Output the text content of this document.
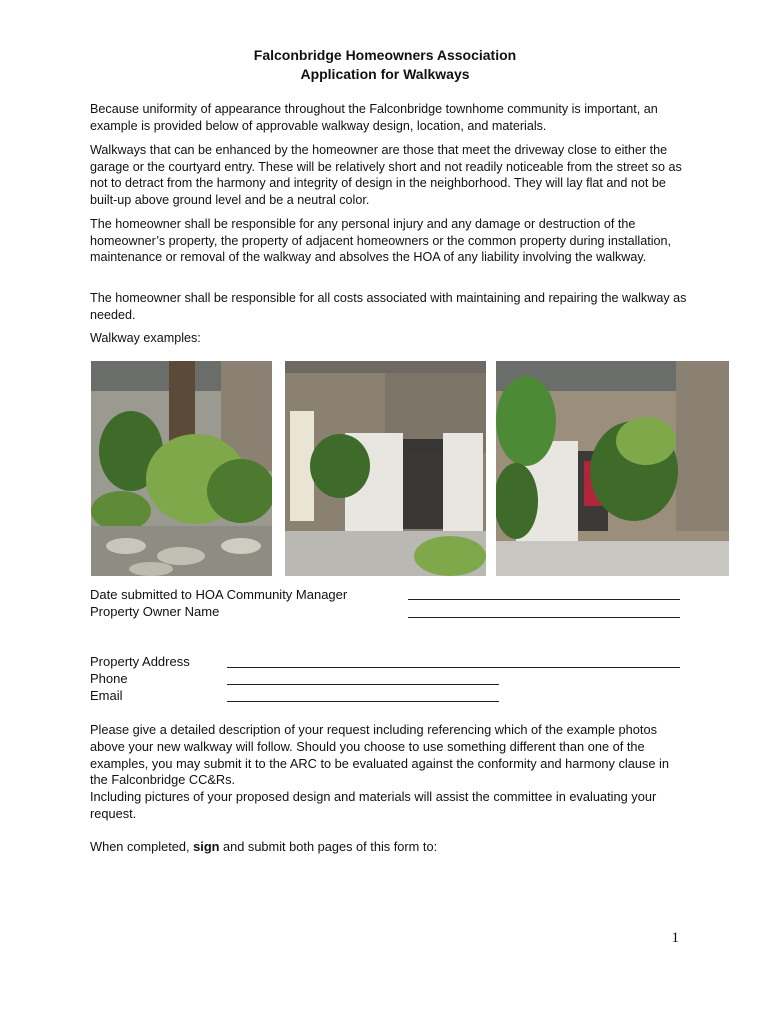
Falconbridge Homeowners Association
Application for Walkways

Because uniformity of appearance throughout the Falconbridge townhome community is important, an example is provided below of approvable walkway design, location, and materials.

Walkways that can be enhanced by the homeowner are those that meet the driveway close to either the garage or the courtyard entry. These will be relatively short and not readily noticeable from the street so as not to detract from the harmony and integrity of design in the neighborhood. They will lay flat and not be built-up above ground level and be a neutral color.

The homeowner shall be responsible for any personal injury and any damage or destruction of the homeowner’s property, the property of adjacent homeowners or the common property during installation, maintenance or removal of the walkway and absolves the HOA of any liability involving the walkway.

The homeowner shall be responsible for all costs associated with maintaining and repairing the walkway as needed.

Walkway examples:

Date submitted to HOA Community Manager
Property Owner Name
Property Address
Phone
Email

Please give a detailed description of your request including referencing which of the example photos above your new walkway will follow. Should you choose to use something different than one of the examples, you may submit it to the ARC to be evaluated against the conformity and harmony clause in the Falconbridge CC&Rs.

Including pictures of your proposed design and materials will assist the committee in evaluating your request.

When completed, sign and submit both pages of this form to:

1
